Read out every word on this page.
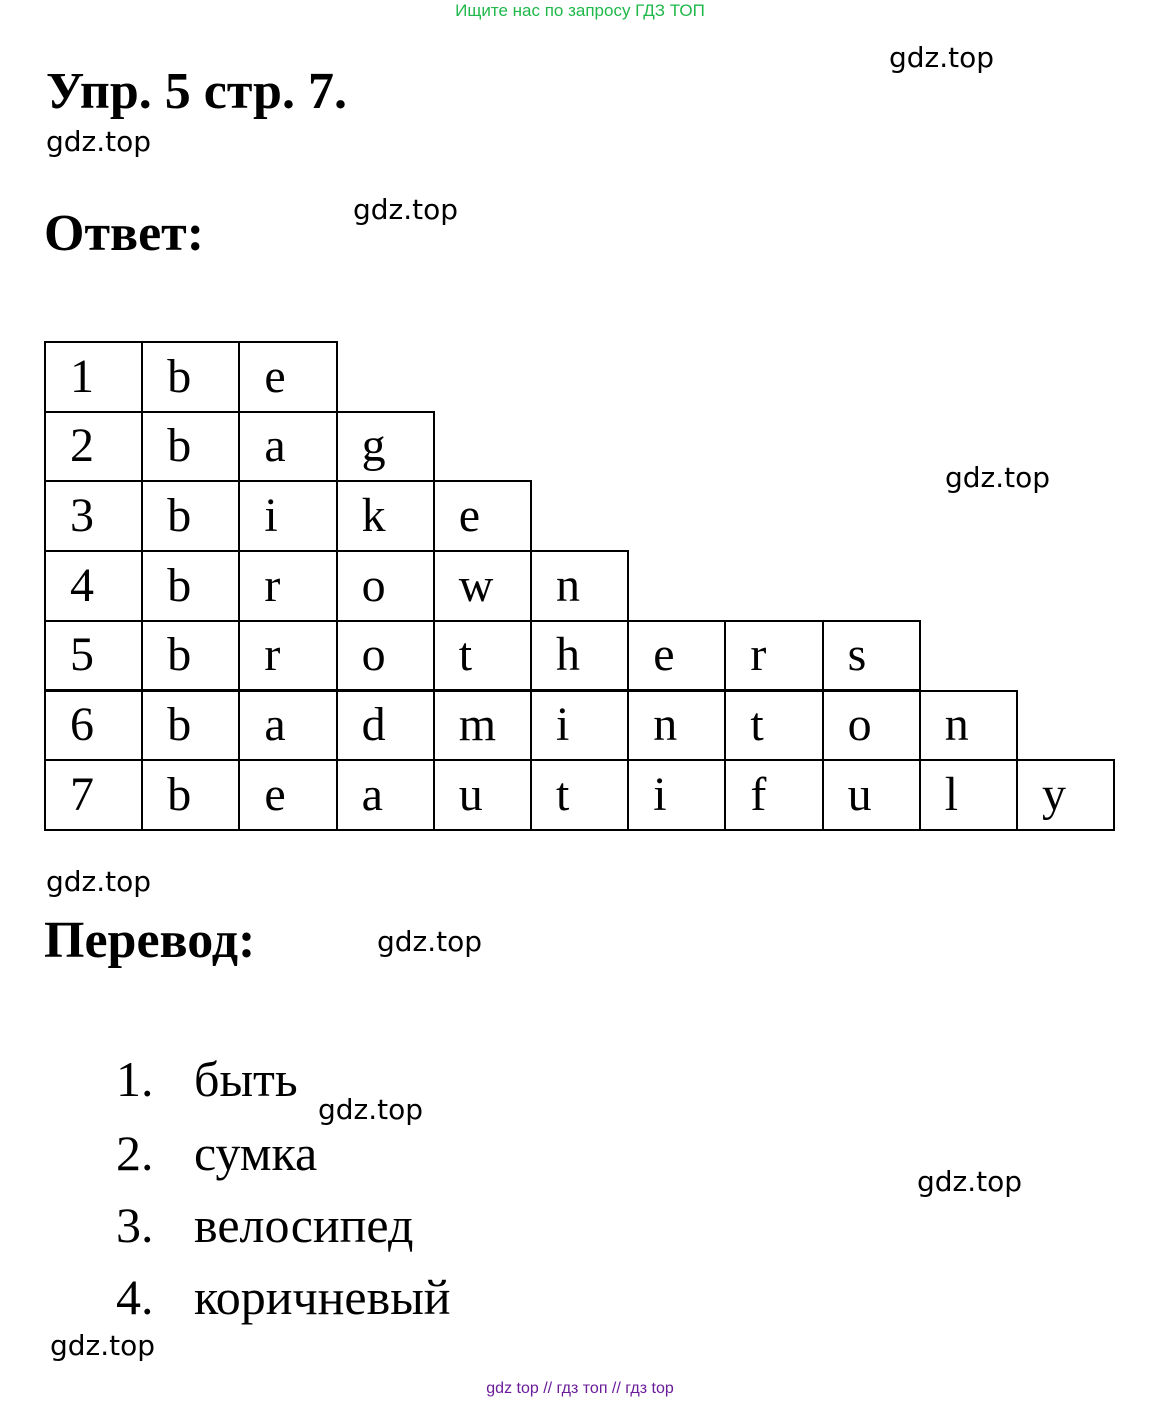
Ищите нас по запросу ГДЗ ТОП
Упр. 5 стр. 7.
Ответ:
1 b e
2 b a g
3 b i k e
4 b r o w n
5 b r o t h e r s
6 b a d m i n t o n
7 b e a u t i f u l y
Перевод:
1. быть
2. сумка
3. велосипед
4. коричневый
gdz.top
gdz.top
gdz.top
gdz.top
gdz.top
gdz.top
gdz.top
gdz.top
gdz.top
gdz top // гдз топ // гдз top
